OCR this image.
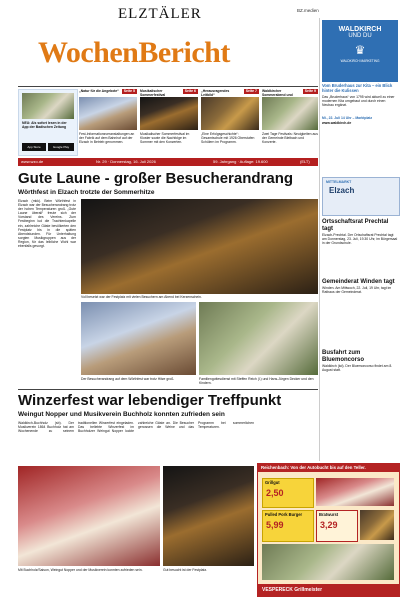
ELZTÄLER	BZ.medien
WochenBericht
NEU: Als sofort lesen in der App der Badischen Zeitung
App Store	Google Play
„Natur für die Angebote“	Seite 5
Fest-Informationsveranstaltungen an der Fabrik auf dem Bahnhof auf der Elzach in Betrieb genommen.
Musikalischer Sommerfestival
Seite 6
Musikalischer Sommerfestival im Kloster sowie die Nachfolge im Sommer mit den Konzerten.
„Herausragendes Leitbild“
Seite 7
„Eine Erfolgsgeschichte“: Gesamtschule mit 1926 Oberstufen Schülern im Programm.
Waldkircher Sommerabend und
Seite 9
Zwei Tage Festivals: Neuigkeiten aus der Gemeinde Bleibach und Konzerte.
www.wzo.de	Nr. 29 · Donnerstag, 16. Juli 2026	59. Jahrgang · Auflage: 19.600	(ELT)
Gute Laune - großer Besucherandrang
Wörthfest in Elzach trotzte der Sommerhitze

Elzach (mkk). Beim Wörthfest in Elzach war der Besucherandrang trotz der hohen Temperaturen groß. „Gute Laune überall“ freute sich der Vorstand des Vereins. Zum Festbeginn lud die Trachtenkapelle ein, zahlreiche Gäste bevölkerten den Festplatz bis in die späten Abendstunden. Für Unterhaltung sorgten Musikgruppen aus der Region, für das leibliche Wohl war ebenfalls gesorgt.

Voll besetzt war der Festplatz mit vielen Besuchern am Abend bei Kerzenschein.
Der Besucherandrang auf dem Wörthfest war trotz Hitze groß.	Familiengottesdienst mit Steffen Reich (l.) und Hans-Jürgen Decker und den Kindern.
Winzerfest war lebendiger Treffpunkt
Weingut Nopper und Musikverein Buchholz konnten zufrieden sein

Waldkirch-Buchholz (sb). Der Musikverein 1864 Buchholz hat am Wochenende zu seinem traditionellen Winzerfest eingeladen. Das beliebte Winzerfest im Buchholzer Weingut Nopper lockte zahlreiche Gäste an. Die Besucher genossen die Weine und das Programm bei sommerlichen Temperaturen.

Mit Buchholz/Saison, Weingut Nopper und der Musikverein konnten zufrieden sein.	Gut besucht ist der Festplatz.
WALDKIRCH
UND DU
♛
WALDKIRCH MARKETING
Vom Bruderhaus zur Kita – ein Blick hinter die Kulissen
Das „Bruderhaus“ von 1795 wird aktuell zu einer modernen Kita umgebaut und durch einen Neubau ergänzt.
Mi., 22. Juli 14 Uhr – Marktplatz
www.waldkirch.de
MITTELMARKT
Elzach
Ortsschaftsrat Prechtal tagt
Elzach-Prechtal. Der Ortschaftsrat Prechtal tagt am Donnerstag, 23. Juli, 19.30 Uhr, im Bürgersaal in der Grundschule.
Gemeinderat Winden tagt
Winden. Am Mittwoch, 22. Juli, 19 Uhr, tagt im Rathaus der Gemeinderat.
Busfahrt zum Bluemoncorso
Waldkirch (kd). Der Bluemoncorso findet am 8. August statt.
Reichenbach: Von der Autobucht bis auf den Teller.
Grillgut
2,50
Pulled Pork Burger
5,99
Bratwurst
3,29
VESPERECK Grillmeister
